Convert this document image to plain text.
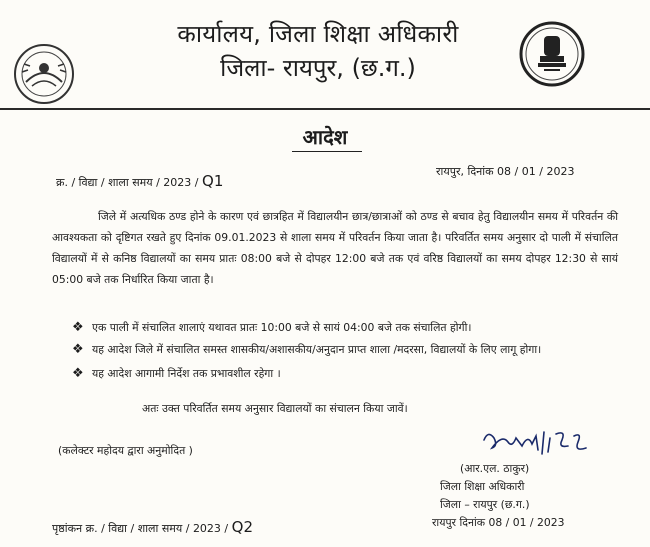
कार्यालय, जिला शिक्षा अधिकारी
जिला- रायपुर, (छ.ग.)
आदेश
क्र. / विद्या / शाला समय / 2023 / Q1
रायपुर, दिनांक 08 / 01 / 2023
जिले में अत्यधिक ठण्ड होने के कारण एवं छात्रहित में विद्यालयीन छात्र/छात्राओं को ठण्ड से बचाव हेतु विद्यालयीन समय में परिवर्तन की आवश्यकता को दृष्टिगत रखते हुए दिनांक 09.01.2023 से शाला समय में परिवर्तन किया जाता है। परिवर्तित समय अनुसार दो पाली में संचालित विद्यालयों में से कनिष्ठ विद्यालयों का समय प्रातः 08:00 बजे से दोपहर 12:00 बजे तक एवं वरिष्ठ विद्यालयों का समय दोपहर 12:30 से सायं 05:00 बजे तक निर्धारित किया जाता है।
❖ एक पाली में संचालित शालाएं यथावत प्रातः 10:00 बजे से सायं 04:00 बजे तक संचालित होगी।
❖ यह आदेश जिले में संचालित समस्त शासकीय/अशासकीय/अनुदान प्राप्त शाला /मदरसा, विद्यालयों के लिए लागू होगा।
❖ यह आदेश आगामी निर्देश तक प्रभावशील रहेगा ।
अतः उक्त परिवर्तित समय अनुसार विद्यालयों का संचालन किया जावें।
(कलेक्टर महोदय द्वारा अनुमोदित )
(आर.एल. ठाकुर)
जिला शिक्षा अधिकारी
जिला – रायपुर (छ.ग.)
रायपुर दिनांक 08 / 01 / 2023
पृष्ठांकन क्र. / विद्या / शाला समय / 2023 / Q2
